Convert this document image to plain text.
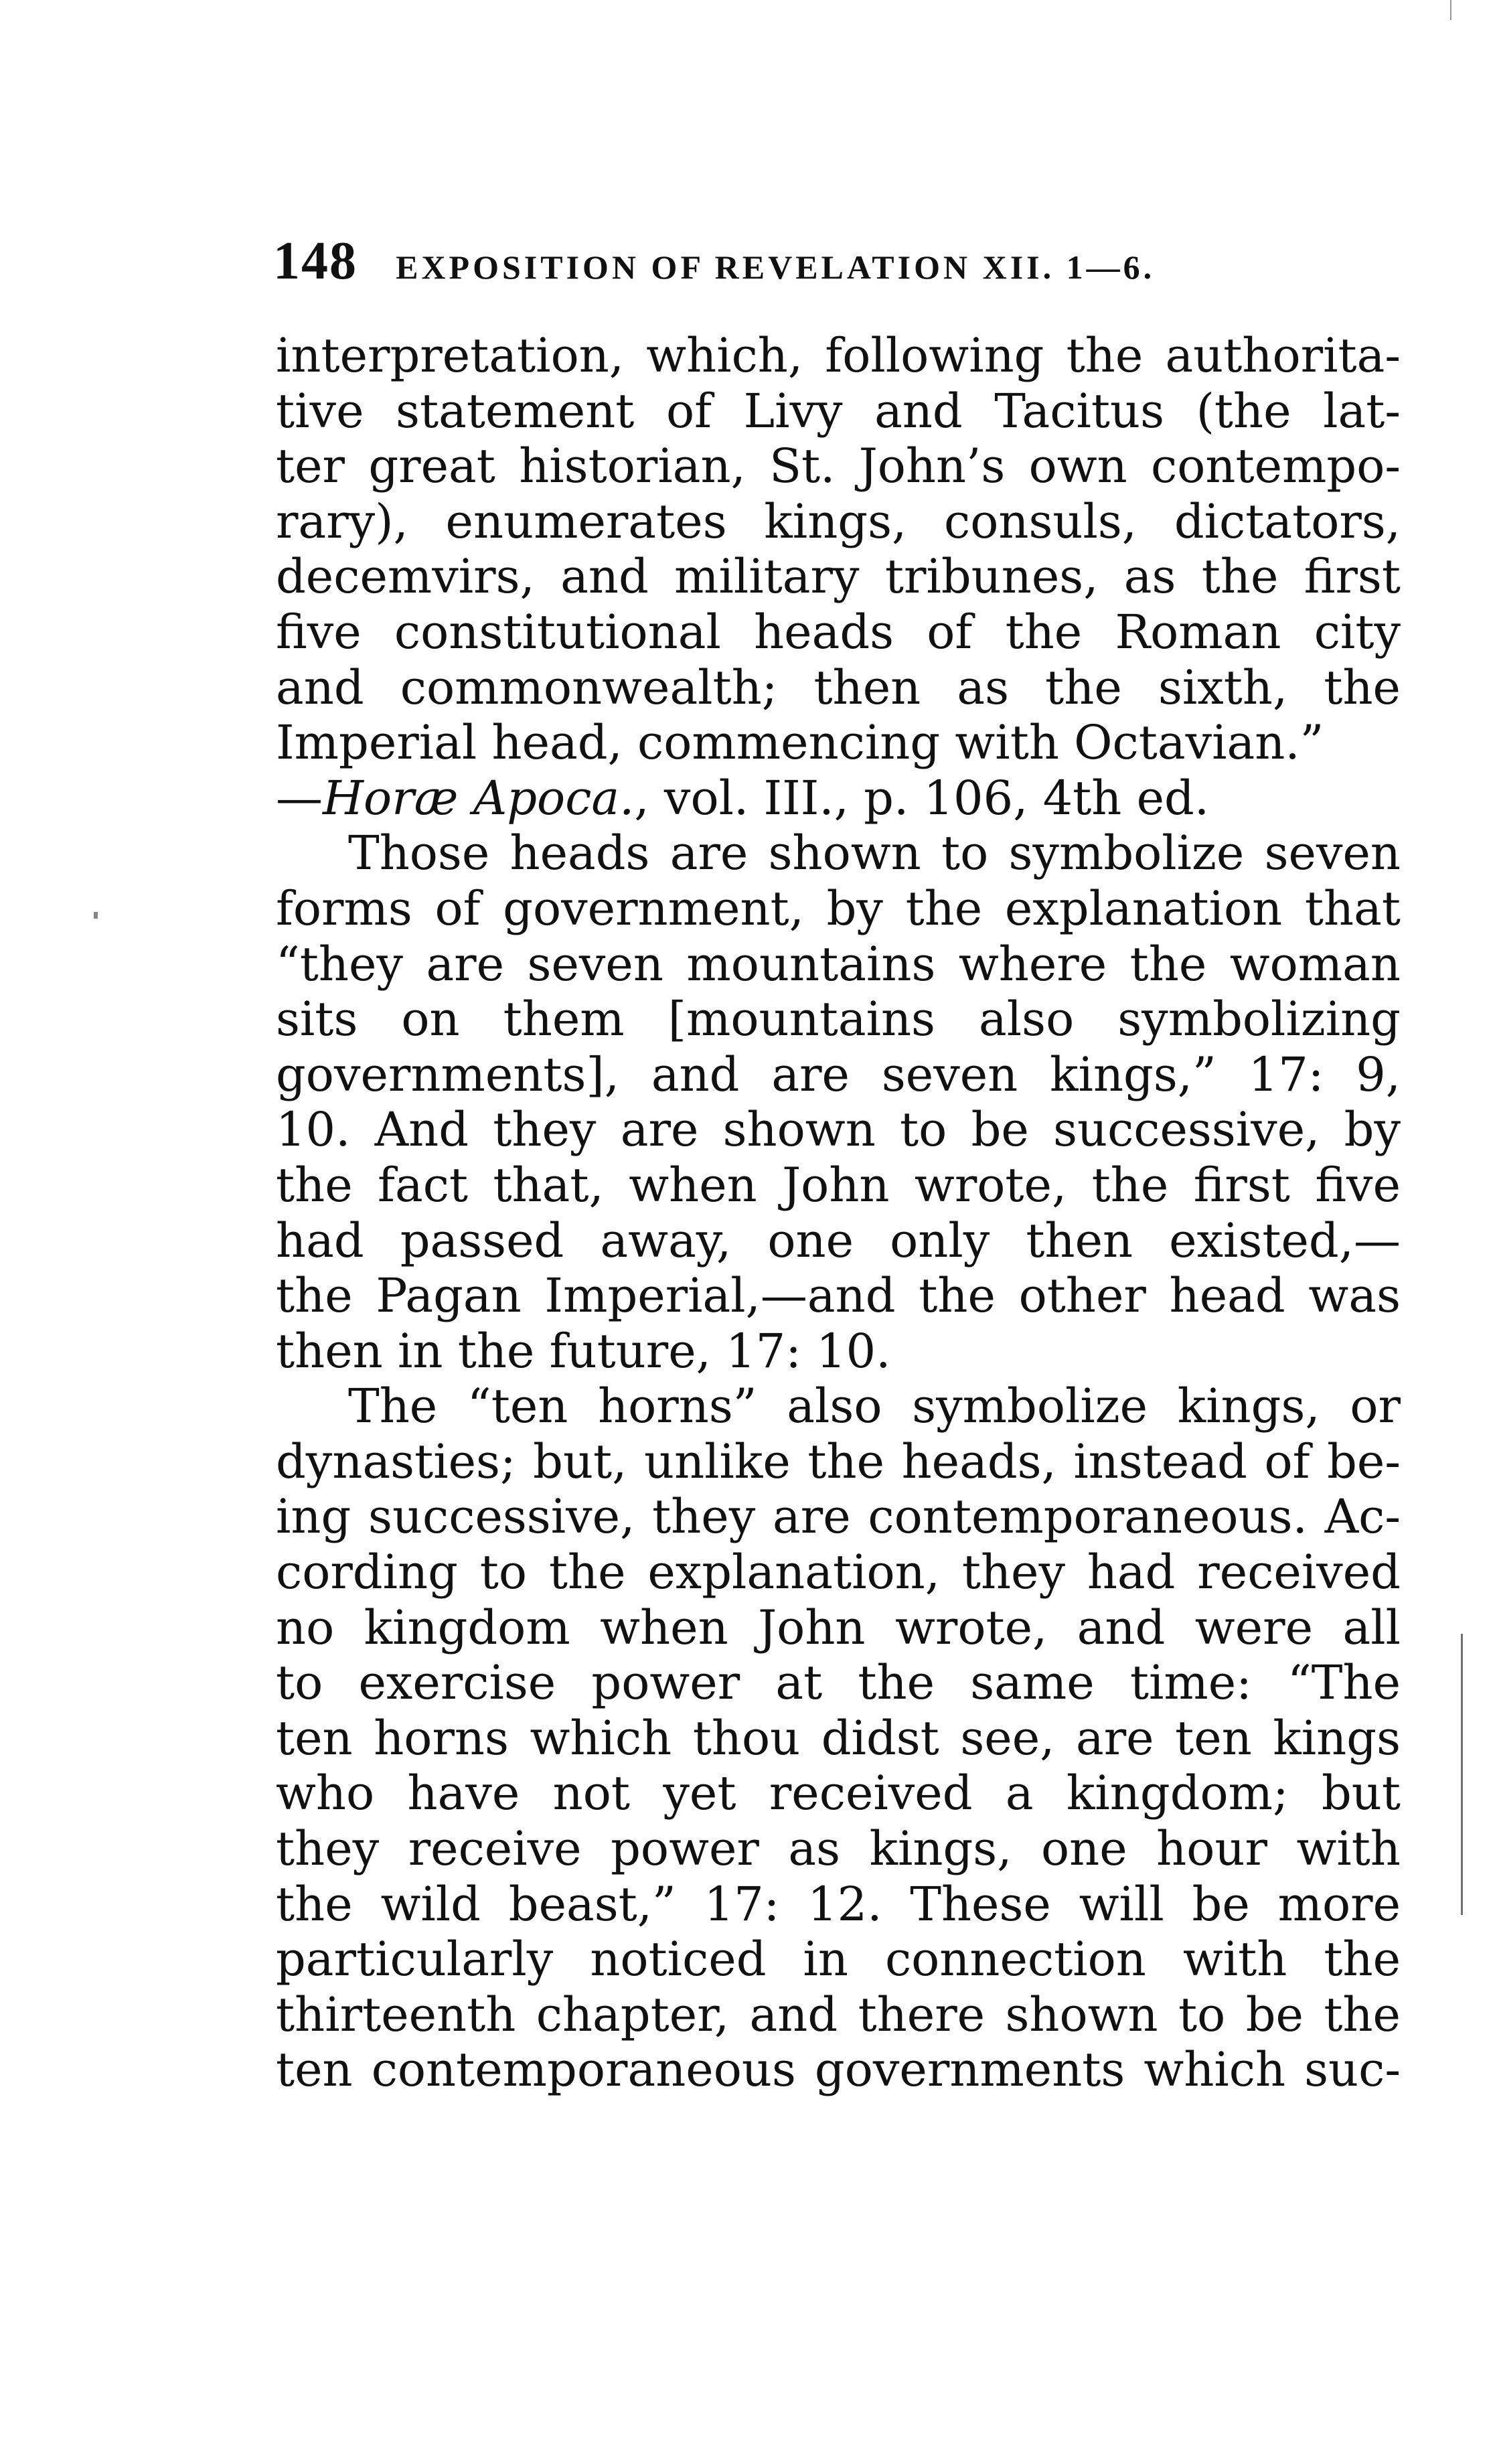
148 EXPOSITION OF REVELATION XII. 1—6.
interpretation, which, following the authorita-
tive statement of Livy and Tacitus (the lat-
ter great historian, St. John’s own contempo-
rary), enumerates kings, consuls, dictators,
decemvirs, and military tribunes, as the first
five constitutional heads of the Roman city
and commonwealth; then as the sixth, the
Imperial head, commencing with Octavian.”
—Horæ Apoca., vol. III., p. 106, 4th ed.
Those heads are shown to symbolize seven
forms of government, by the explanation that
“they are seven mountains where the woman
sits on them [mountains also symbolizing
governments], and are seven kings,” 17: 9,
10. And they are shown to be successive, by
the fact that, when John wrote, the first five
had passed away, one only then existed,—
the Pagan Imperial,—and the other head was
then in the future, 17: 10.
The “ten horns” also symbolize kings, or
dynasties; but, unlike the heads, instead of be-
ing successive, they are contemporaneous. Ac-
cording to the explanation, they had received
no kingdom when John wrote, and were all
to exercise power at the same time: “The
ten horns which thou didst see, are ten kings
who have not yet received a kingdom; but
they receive power as kings, one hour with
the wild beast,” 17: 12. These will be more
particularly noticed in connection with the
thirteenth chapter, and there shown to be the
ten contemporaneous governments which suc-
